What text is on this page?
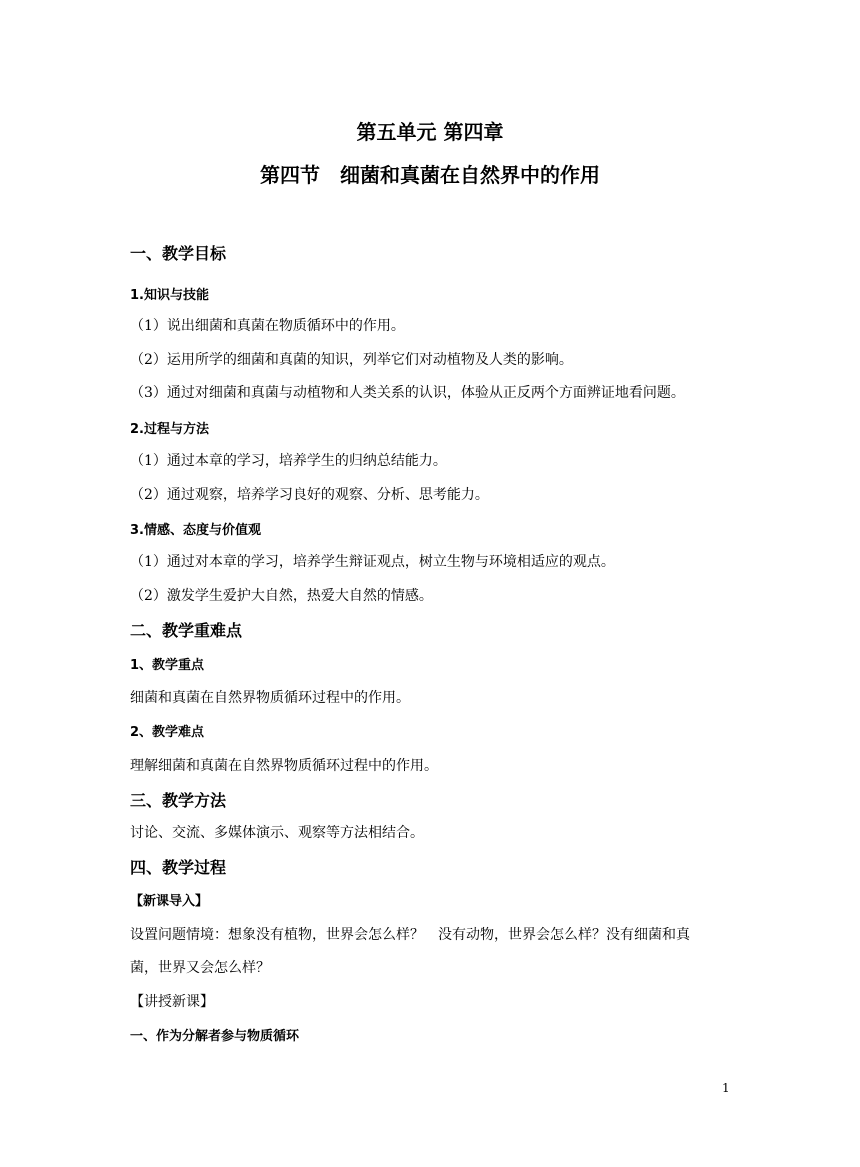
第五单元 第四章
第四节　细菌和真菌在自然界中的作用
一、教学目标
1.知识与技能
（1）说出细菌和真菌在物质循环中的作用。
（2）运用所学的细菌和真菌的知识，列举它们对动植物及人类的影响。
（3）通过对细菌和真菌与动植物和人类关系的认识，体验从正反两个方面辨证地看问题。
2.过程与方法
（1）通过本章的学习，培养学生的归纳总结能力。
（2）通过观察，培养学习良好的观察、分析、思考能力。
3.情感、态度与价值观
（1）通过对本章的学习，培养学生辩证观点，树立生物与环境相适应的观点。
（2）激发学生爱护大自然，热爱大自然的情感。
二、教学重难点
1、教学重点
细菌和真菌在自然界物质循环过程中的作用。
2、教学难点
理解细菌和真菌在自然界物质循环过程中的作用。
三、教学方法
讨论、交流、多媒体演示、观察等方法相结合。
四、教学过程
【新课导入】
设置问题情境：想象没有植物，世界会怎么样？　没有动物，世界会怎么样？没有细菌和真
菌，世界又会怎么样？
【讲授新课】
一、作为分解者参与物质循环
1
